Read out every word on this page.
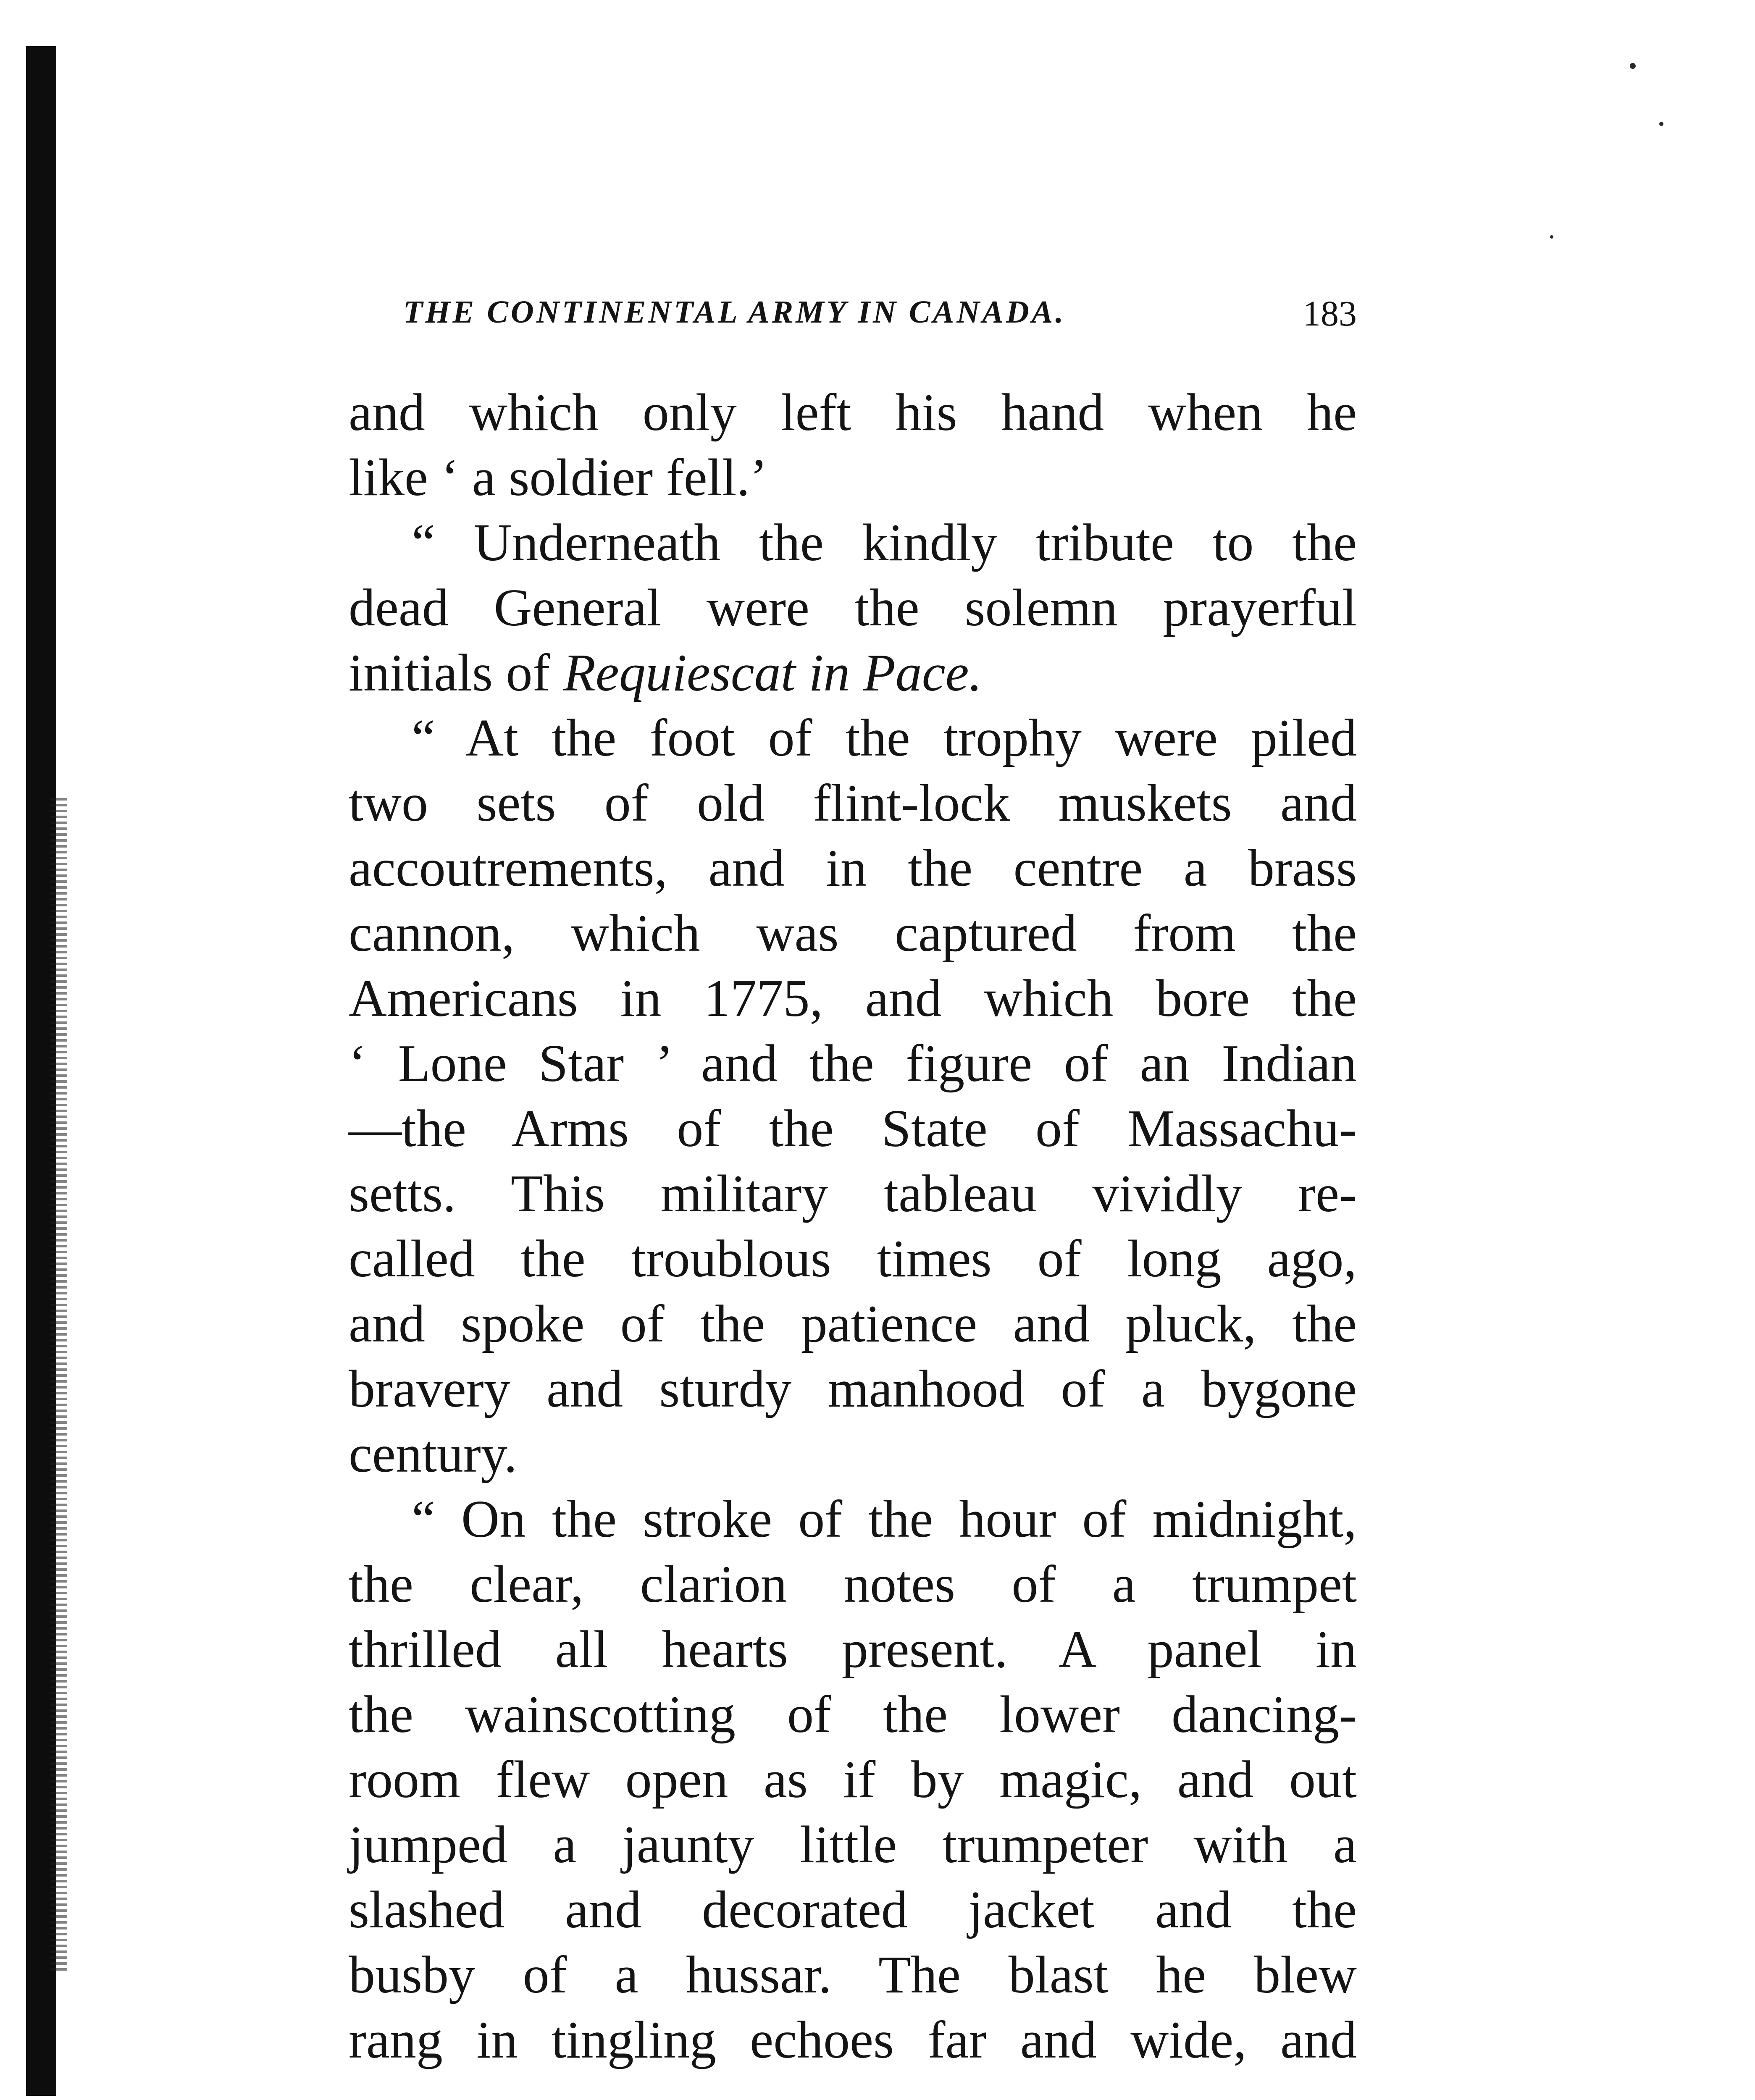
THE CONTINENTAL ARMY IN CANADA.	183
and which only left his hand when he
like ‘ a soldier fell.’
“ Underneath the kindly tribute to the
dead General were the solemn prayerful
initials of Requiescat in Pace.
“ At the foot of the trophy were piled
two sets of old flint-lock muskets and
accoutrements, and in the centre a brass
cannon, which was captured from the
Americans in 1775, and which bore the
‘ Lone Star ’ and the figure of an Indian
—the Arms of the State of Massachu-
setts. This military tableau vividly re-
called the troublous times of long ago,
and spoke of the patience and pluck, the
bravery and sturdy manhood of a bygone
century.
“ On the stroke of the hour of midnight,
the clear, clarion notes of a trumpet
thrilled all hearts present. A panel in
the wainscotting of the lower dancing-
room flew open as if by magic, and out
jumped a jaunty little trumpeter with a
slashed and decorated jacket and the
busby of a hussar. The blast he blew
rang in tingling echoes far and wide, and
